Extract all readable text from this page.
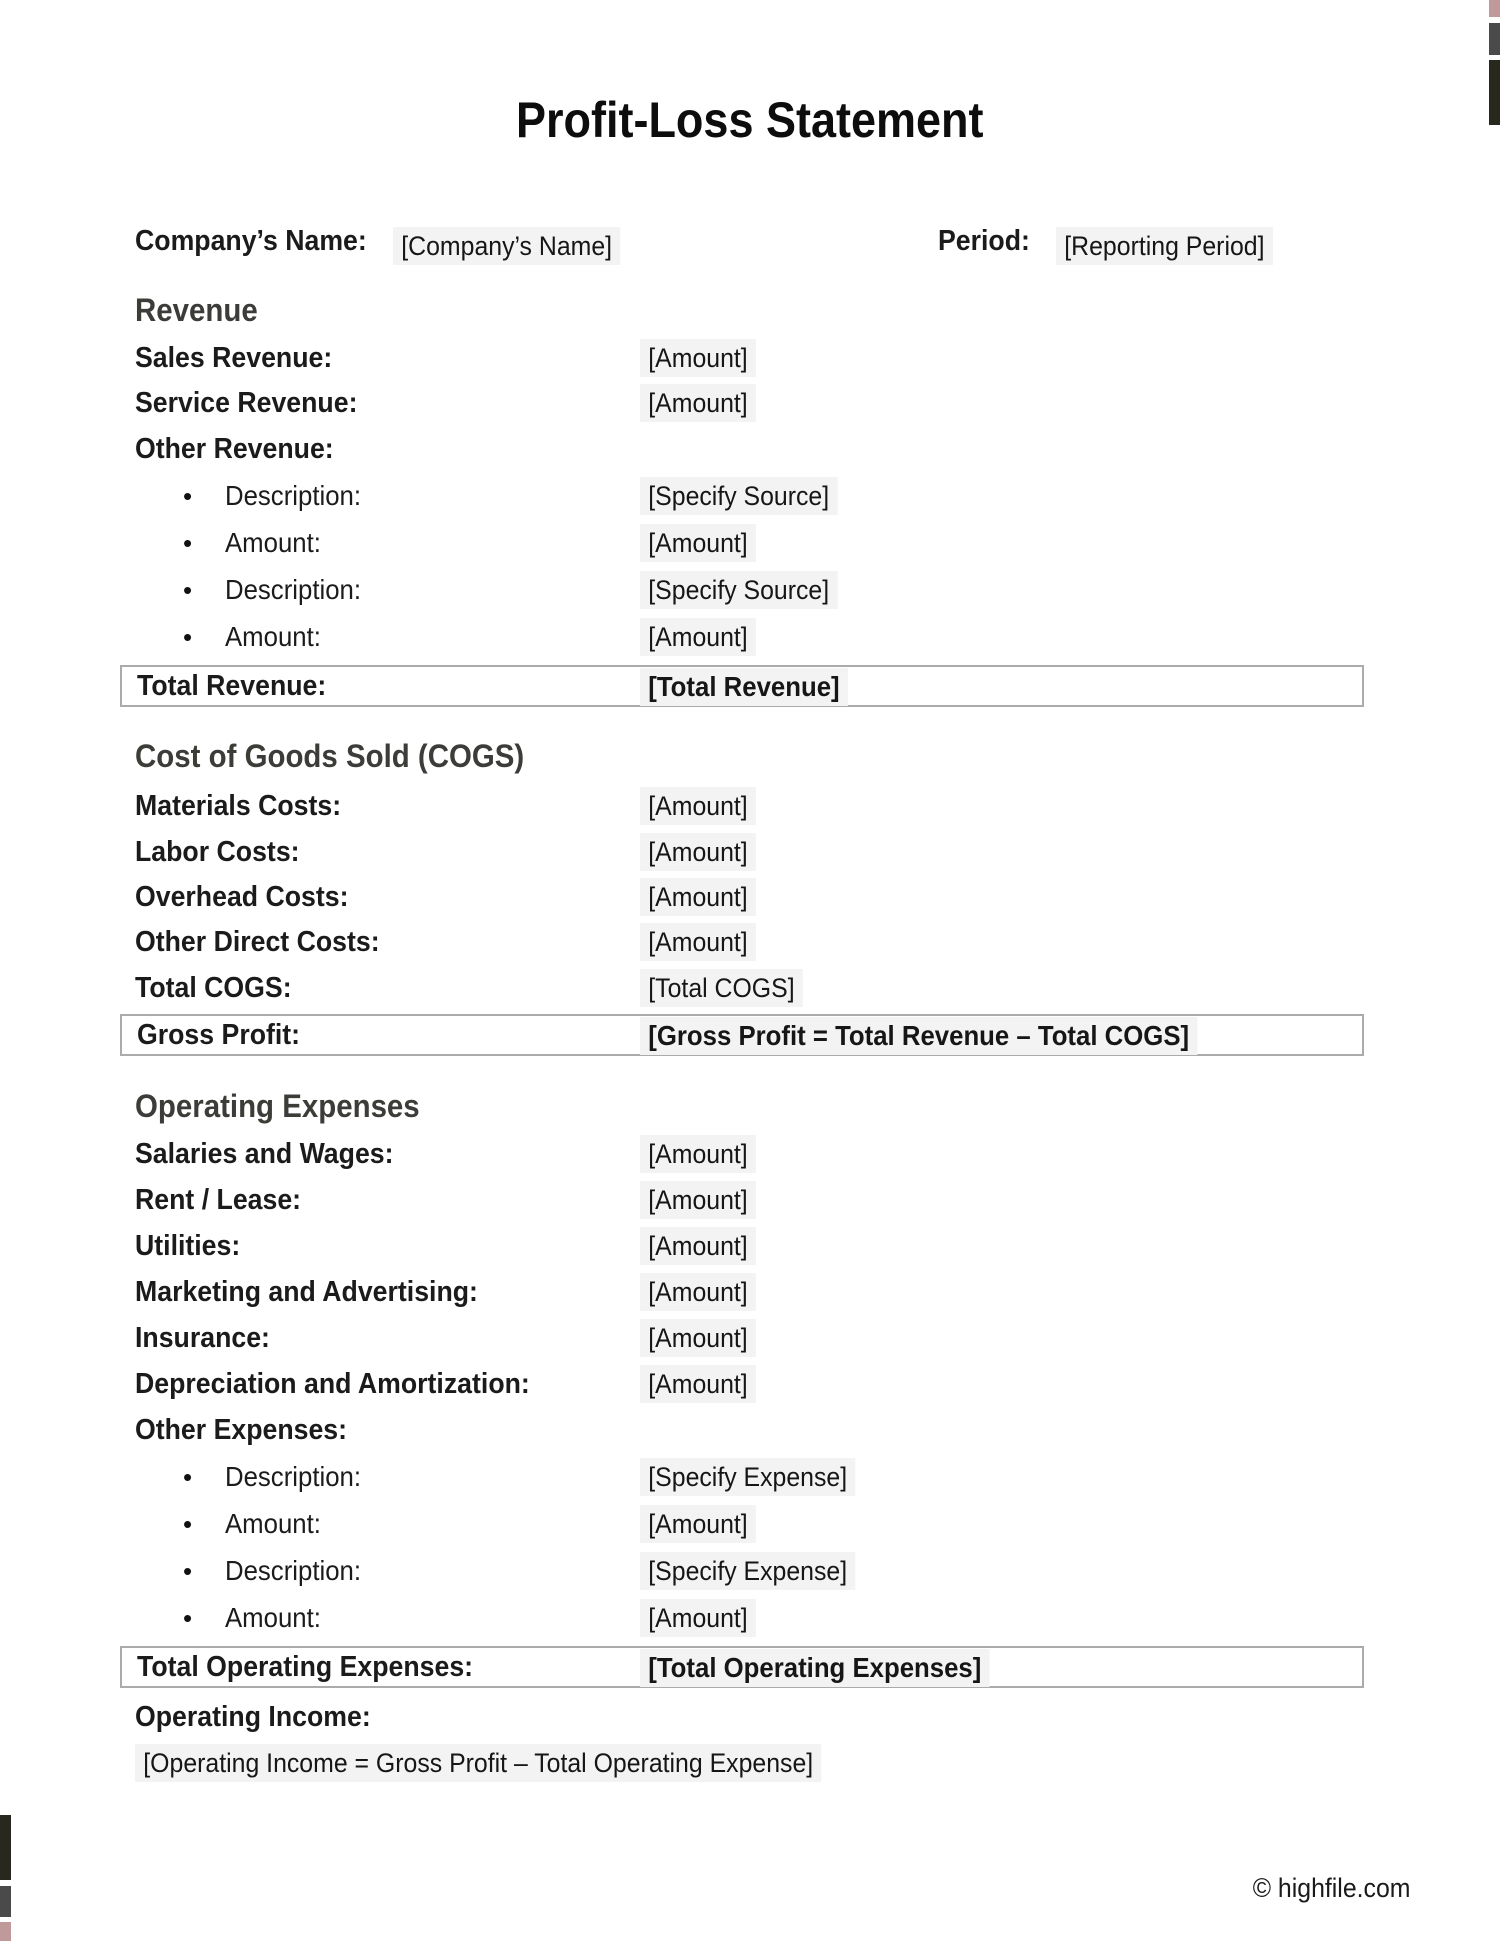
Profit-Loss Statement
Company’s Name:	[Company’s Name]	Period:	[Reporting Period]
Revenue
Sales Revenue:	[Amount]
Service Revenue:	[Amount]
Other Revenue:
•
Description:	[Specify Source]
•
Amount:	[Amount]
•
Description:	[Specify Source]
•
Amount:	[Amount]
Total Revenue:	[Total Revenue]
Cost of Goods Sold (COGS)
Materials Costs:	[Amount]
Labor Costs:	[Amount]
Overhead Costs:	[Amount]
Other Direct Costs:	[Amount]
Total COGS:	[Total COGS]
Gross Profit:	[Gross Profit = Total Revenue – Total COGS]
Operating Expenses
Salaries and Wages:	[Amount]
Rent / Lease:	[Amount]
Utilities:	[Amount]
Marketing and Advertising:	[Amount]
Insurance:	[Amount]
Depreciation and Amortization:	[Amount]
Other Expenses:
•
Description:	[Specify Expense]
•
Amount:	[Amount]
•
Description:	[Specify Expense]
•
Amount:	[Amount]
Total Operating Expenses:	[Total Operating Expenses]
Operating Income:
[Operating Income = Gross Profit – Total Operating Expense]
© highfile.com
